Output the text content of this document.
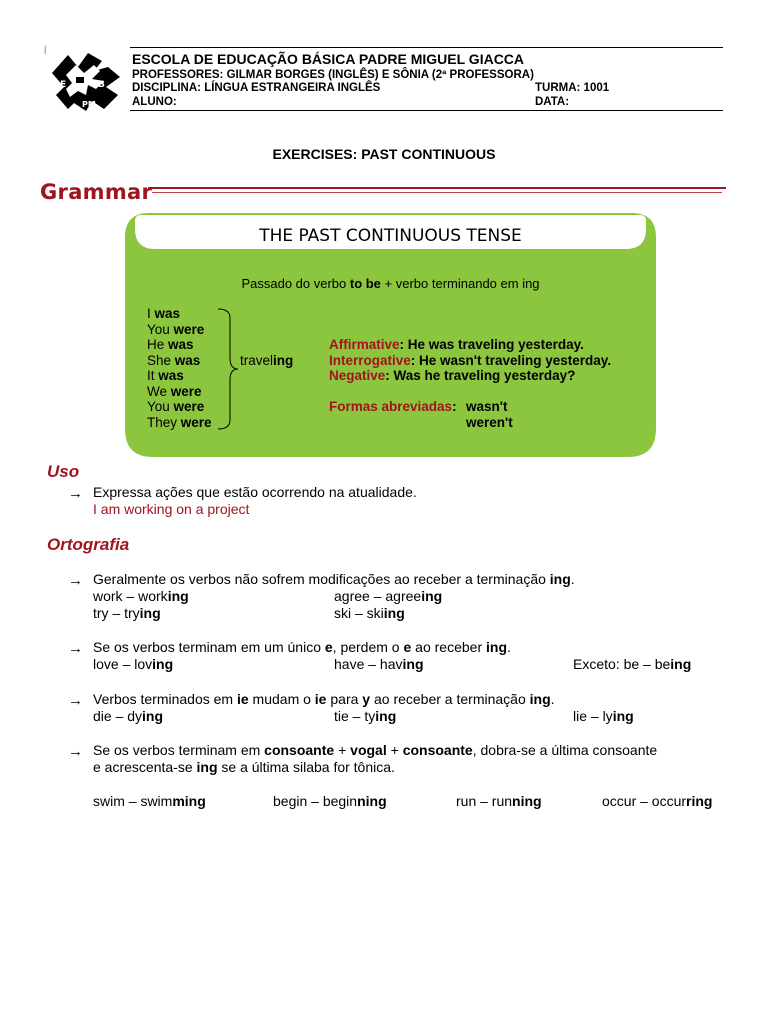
|
E	B
PM
ESCOLA DE EDUCAÇÃO BÁSICA PADRE MIGUEL GIACCA
PROFESSORES: GILMAR BORGES (INGLÊS) E SÔNIA (2ª PROFESSORA)
DISCIPLINA: LÍNGUA ESTRANGEIRA INGLÊS	TURMA: 1001
ALUNO:	DATA:
EXERCISES: PAST CONTINUOUS
Grammar
THE PAST CONTINUOUS TENSE
Passado do verbo to be + verbo terminando em ing
I was
You were
He was
She was
It was
We were
You were
They were
traveling
Affirmative: He was traveling yesterday.
Interrogative: He wasn't traveling yesterday.
Negative: Was he traveling yesterday?
Formas abreviadas: wasn't
weren't
Uso
→ Expressa ações que estão ocorrendo na atualidade.
I am working on a project
Ortografia
→ Geralmente os verbos não sofrem modificações ao receber a terminação ing.
work – working	agree – agreeing
try – trying	ski – skiing
→ Se os verbos terminam em um único e, perdem o e ao receber ing.
love – loving	have – having	Exceto: be – being
→ Verbos terminados em ie mudam o ie para y ao receber a terminação ing.
die – dying	tie – tying	lie – lying
→ Se os verbos terminam em consoante + vogal + consoante, dobra-se a última consoante
e acrescenta-se ing se a última silaba for tônica.
swim – swimming	begin – beginning	run – running	occur – occurring
